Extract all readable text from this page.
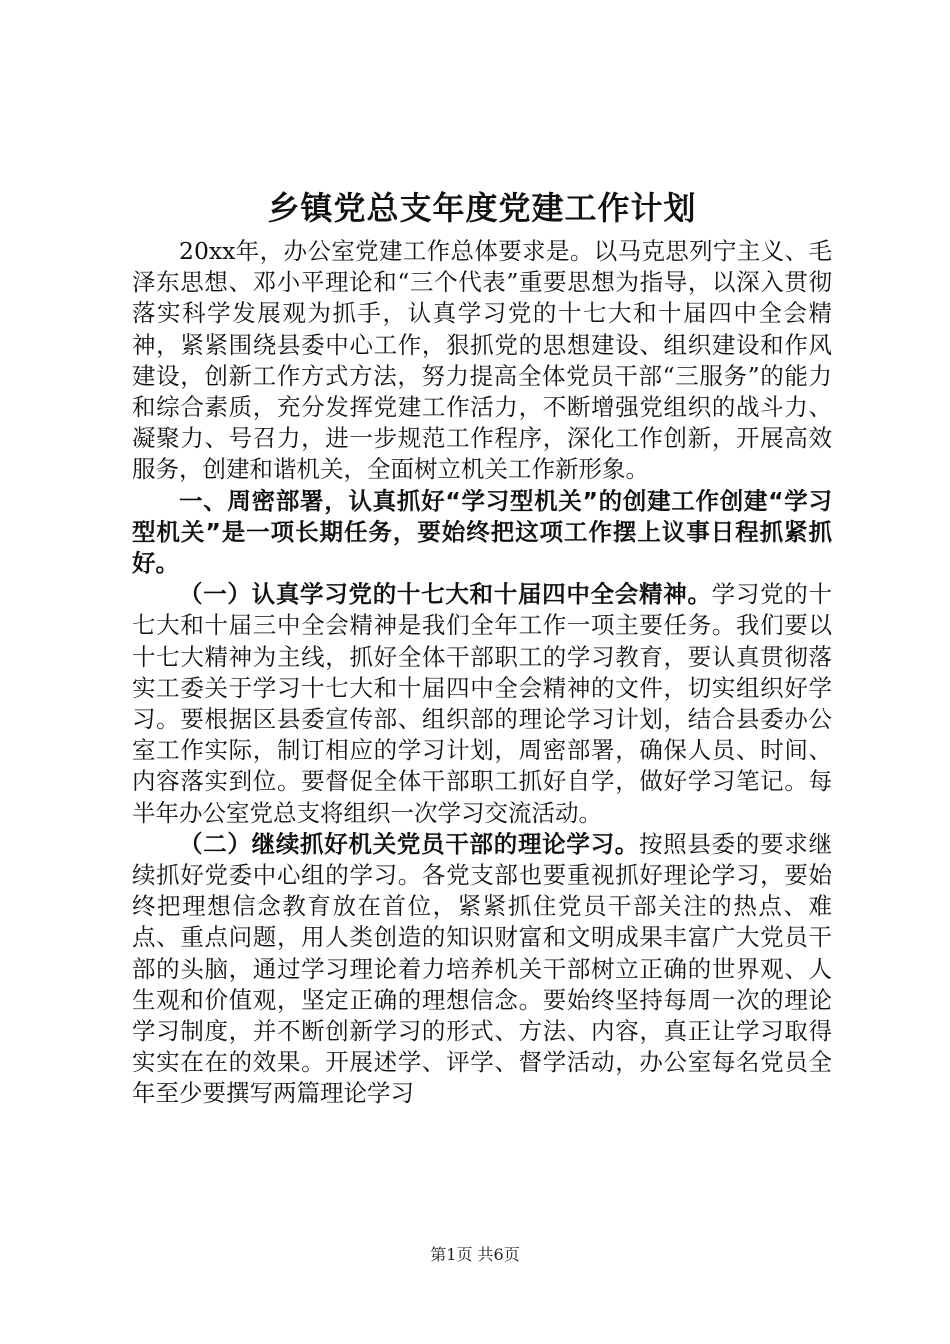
乡镇党总支年度党建工作计划

20xx年，办公室党建工作总体要求是。以马克思列宁主义、毛泽东思想、邓小平理论和“三个代表”重要思想为指导，以深入贯彻落实科学发展观为抓手，认真学习党的十七大和十届四中全会精神，紧紧围绕县委中心工作，狠抓党的思想建设、组织建设和作风建设，创新工作方式方法，努力提高全体党员干部“三服务”的能力和综合素质，充分发挥党建工作活力，不断增强党组织的战斗力、凝聚力、号召力，进一步规范工作程序，深化工作创新，开展高效服务，创建和谐机关，全面树立机关工作新形象。

一、周密部署，认真抓好“学习型机关”的创建工作创建“学习型机关”是一项长期任务，要始终把这项工作摆上议事日程抓紧抓好。

（一）认真学习党的十七大和十届四中全会精神。学习党的十七大和十届三中全会精神是我们全年工作一项主要任务。我们要以十七大精神为主线，抓好全体干部职工的学习教育，要认真贯彻落实工委关于学习十七大和十届四中全会精神的文件，切实组织好学习。要根据区县委宣传部、组织部的理论学习计划，结合县委办公室工作实际，制订相应的学习计划，周密部署，确保人员、时间、内容落实到位。要督促全体干部职工抓好自学，做好学习笔记。每半年办公室党总支将组织一次学习交流活动。

（二）继续抓好机关党员干部的理论学习。按照县委的要求继续抓好党委中心组的学习。各党支部也要重视抓好理论学习，要始终把理想信念教育放在首位，紧紧抓住党员干部关注的热点、难点、重点问题，用人类创造的知识财富和文明成果丰富广大党员干部的头脑，通过学习理论着力培养机关干部树立正确的世界观、人生观和价值观，坚定正确的理想信念。要始终坚持每周一次的理论学习制度，并不断创新学习的形式、方法、内容，真正让学习取得实实在在的效果。开展述学、评学、督学活动，办公室每名党员全年至少要撰写两篇理论学习

第1页 共6页
